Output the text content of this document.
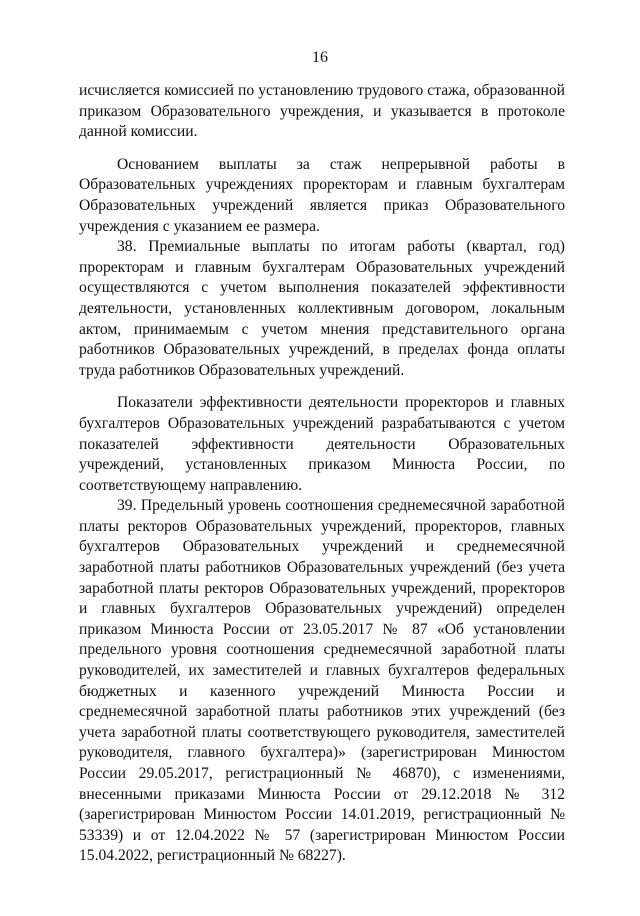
16

исчисляется комиссией по установлению трудового стажа, образованной приказом Образовательного учреждения, и указывается в протоколе данной комиссии.

Основанием выплаты за стаж непрерывной работы в Образовательных учреждениях проректорам и главным бухгалтерам Образовательных учреждений является приказ Образовательного учреждения с указанием ее размера.

38. Премиальные выплаты по итогам работы (квартал, год) проректорам и главным бухгалтерам Образовательных учреждений осуществляются с учетом выполнения показателей эффективности деятельности, установленных коллективным договором, локальным актом, принимаемым с учетом мнения представительного органа работников Образовательных учреждений, в пределах фонда оплаты труда работников Образовательных учреждений.

Показатели эффективности деятельности проректоров и главных бухгалтеров Образовательных учреждений разрабатываются с учетом показателей эффективности деятельности Образовательных учреждений, установленных приказом Минюста России, по соответствующему направлению.

39. Предельный уровень соотношения среднемесячной заработной платы ректоров Образовательных учреждений, проректоров, главных бухгалтеров Образовательных учреждений и среднемесячной заработной платы работников Образовательных учреждений (без учета заработной платы ректоров Образовательных учреждений, проректоров и главных бухгалтеров Образовательных учреждений) определен приказом Минюста России от 23.05.2017 № 87 «Об установлении предельного уровня соотношения среднемесячной заработной платы руководителей, их заместителей и главных бухгалтеров федеральных бюджетных и казенного учреждений Минюста России и среднемесячной заработной платы работников этих учреждений (без учета заработной платы соответствующего руководителя, заместителей руководителя, главного бухгалтера)» (зарегистрирован Минюстом России 29.05.2017, регистрационный № 46870), с изменениями, внесенными приказами Минюста России от 29.12.2018 № 312 (зарегистрирован Минюстом России 14.01.2019, регистрационный № 53339) и от 12.04.2022 № 57 (зарегистрирован Минюстом России 15.04.2022, регистрационный № 68227).
